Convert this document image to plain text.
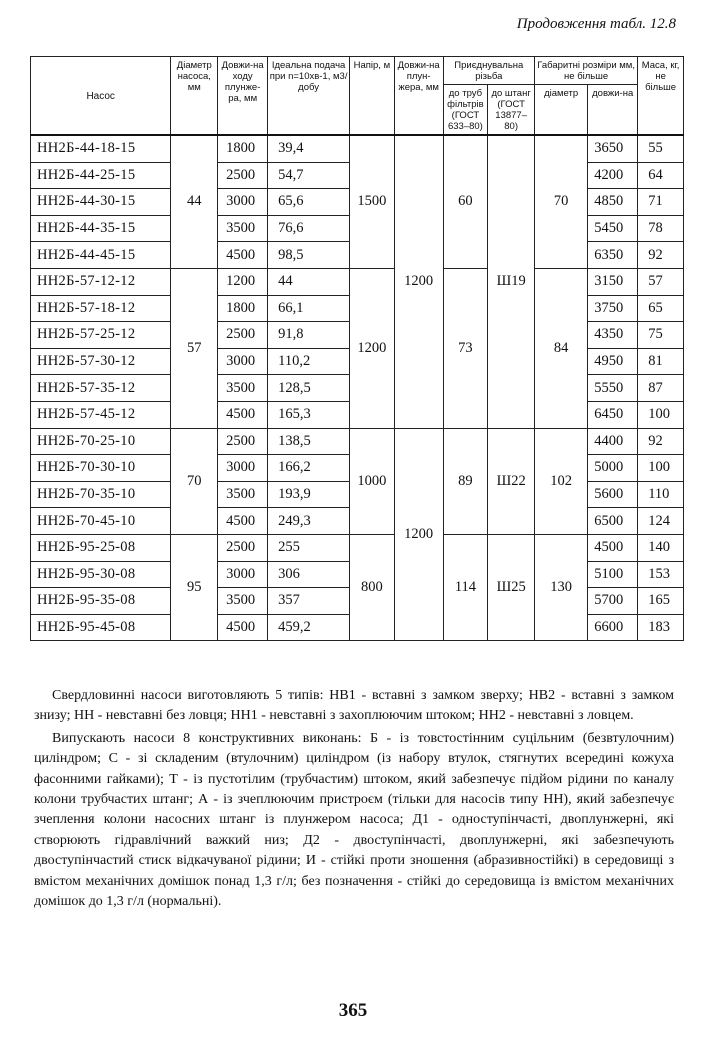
Продовження табл. 12.8
Насос	Діаметр насоса, мм	Довжи-на ходу плунже-ра, мм	Ідеальна подача при n=10хв-1, м3/добу	Напір, м	Довжи-на плун-жера, мм	Приєднувальна різьба		Габаритні розміри мм, не більше		Маса, кг, не більше
						до труб фільтрів (ГОСТ 633–80)	до штанг (ГОСТ 13877–80)	діаметр	довжи-на	
НН2Б-44-18-15	44	1800	39,4	1500	1200	60	Ш19	70	3650	55
НН2Б-44-25-15		2500	54,7						4200	64
НН2Б-44-30-15		3000	65,6						4850	71
НН2Б-44-35-15		3500	76,6						5450	78
НН2Б-44-45-15		4500	98,5						6350	92
НН2Б-57-12-12	57	1200	44	1200		73		84	3150	57
НН2Б-57-18-12		1800	66,1						3750	65
НН2Б-57-25-12		2500	91,8						4350	75
НН2Б-57-30-12		3000	110,2						4950	81
НН2Б-57-35-12		3500	128,5						5550	87
НН2Б-57-45-12		4500	165,3						6450	100
НН2Б-70-25-10	70	2500	138,5	1000	1200	89	Ш22	102	4400	92
НН2Б-70-30-10		3000	166,2						5000	100
НН2Б-70-35-10		3500	193,9						5600	110
НН2Б-70-45-10		4500	249,3						6500	124
НН2Б-95-25-08	95	2500	255	800		114	Ш25	130	4500	140
НН2Б-95-30-08		3000	306						5100	153
НН2Б-95-35-08		3500	357						5700	165
НН2Б-95-45-08		4500	459,2						6600	183

Свердловинні насоси виготовляють 5 типів: НВ1 - вставні з замком зверху; НВ2 - вставні з замком знизу; НН - невставні без ловця; НН1 - невставні з захоплюючим штоком; НН2 - невставні з ловцем.

Випускають насоси 8 конструктивних виконань: Б - із товстостінним суцільним (безвтулочним) циліндром; С - зі складеним (втулочним) циліндром (із набору втулок, стягнутих всередині кожуха фасонними гайками); Т - із пустотілим (трубчастим) штоком, який забезпечує підйом рідини по каналу колони трубчастих штанг; А - із зчеплюючим пристроєм (тільки для насосів типу НН), який забезпечує зчеплення колони насосних штанг із плунжером насоса; Д1 - одноступінчасті, двоплунжерні, які створюють гідравлічний важкий низ; Д2 - двоступінчасті, двоплунжерні, які забезпечують двоступінчастий стиск відкачуваної рідини; И - стійкі проти зношення (абразивностійкі) в середовищі з вмістом механічних домішок понад 1,3 г/л; без позначення - стійкі до середовища із вмістом механічних домішок до 1,3 г/л (нормальні).

365
